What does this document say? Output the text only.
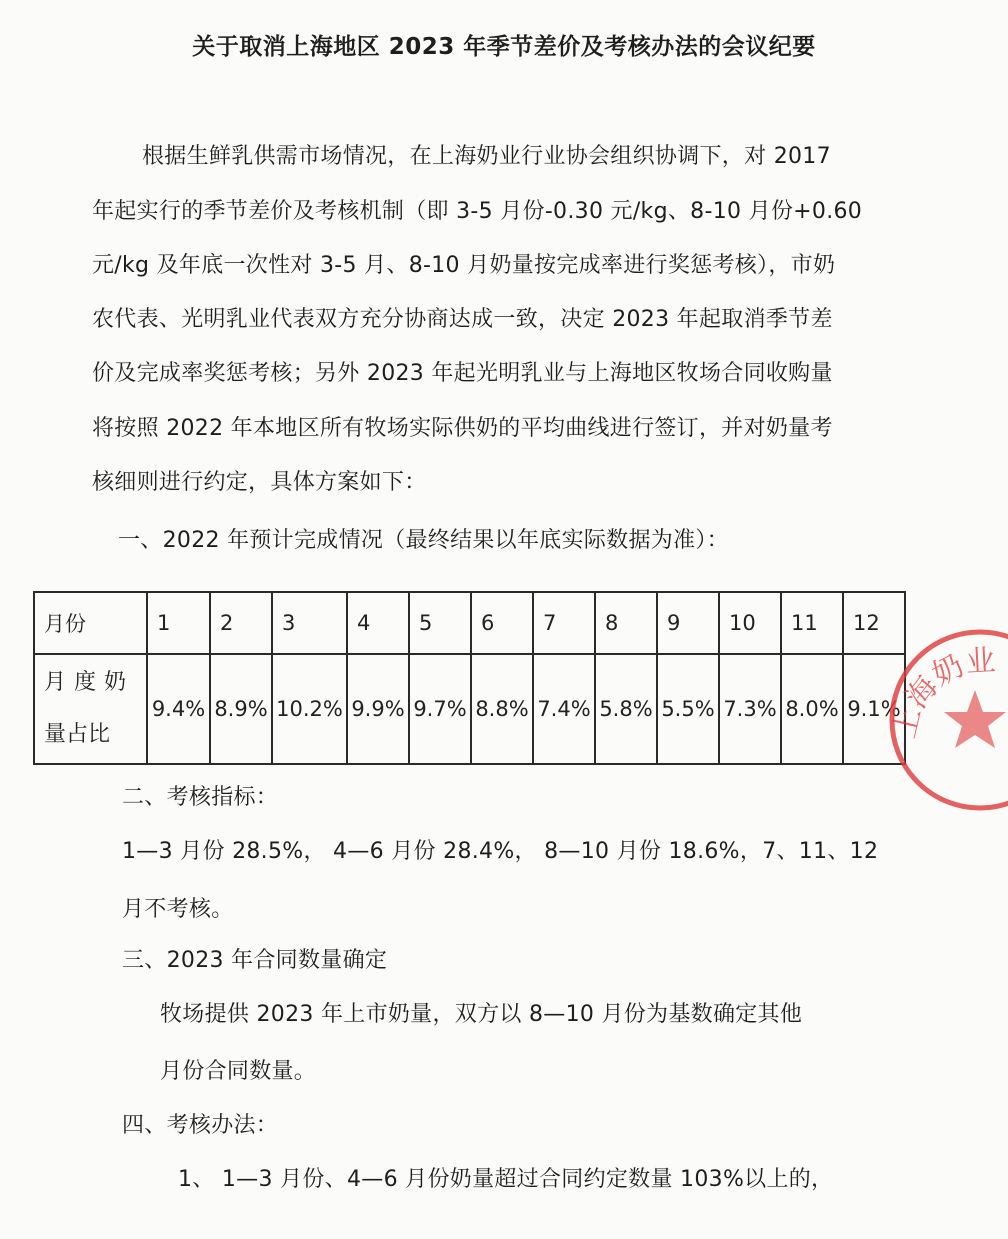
关于取消上海地区 2023 年季节差价及考核办法的会议纪要
根据生鲜乳供需市场情况，在上海奶业行业协会组织协调下，对 2017
年起实行的季节差价及考核机制（即 3-5 月份-0.30 元/kg、8-10 月份+0.60
元/kg 及年底一次性对 3-5 月、8-10 月奶量按完成率进行奖惩考核），市奶
农代表、光明乳业代表双方充分协商达成一致，决定 2023 年起取消季节差
价及完成率奖惩考核；另外 2023 年起光明乳业与上海地区牧场合同收购量
将按照 2022 年本地区所有牧场实际供奶的平均曲线进行签订，并对奶量考
核细则进行约定，具体方案如下：
一、2022 年预计完成情况（最终结果以年底实际数据为准）：
月份	1	2	3	4	5	6	7	8	9	10	11	12

月度奶
量占比	9.4%	8.9%	10.2%	9.9%	9.7%	8.8%	7.4%	5.8%	5.5%	7.3%	8.0%	9.1%
上海奶业
二、考核指标：
1—3 月份 28.5%， 4—6 月份 28.4%， 8—10 月份 18.6%，7、11、12
月不考核。
三、2023 年合同数量确定
牧场提供 2023 年上市奶量，双方以 8—10 月份为基数确定其他
月份合同数量。
四、考核办法：
1、 1—3 月份、4—6 月份奶量超过合同约定数量 103%以上的，
